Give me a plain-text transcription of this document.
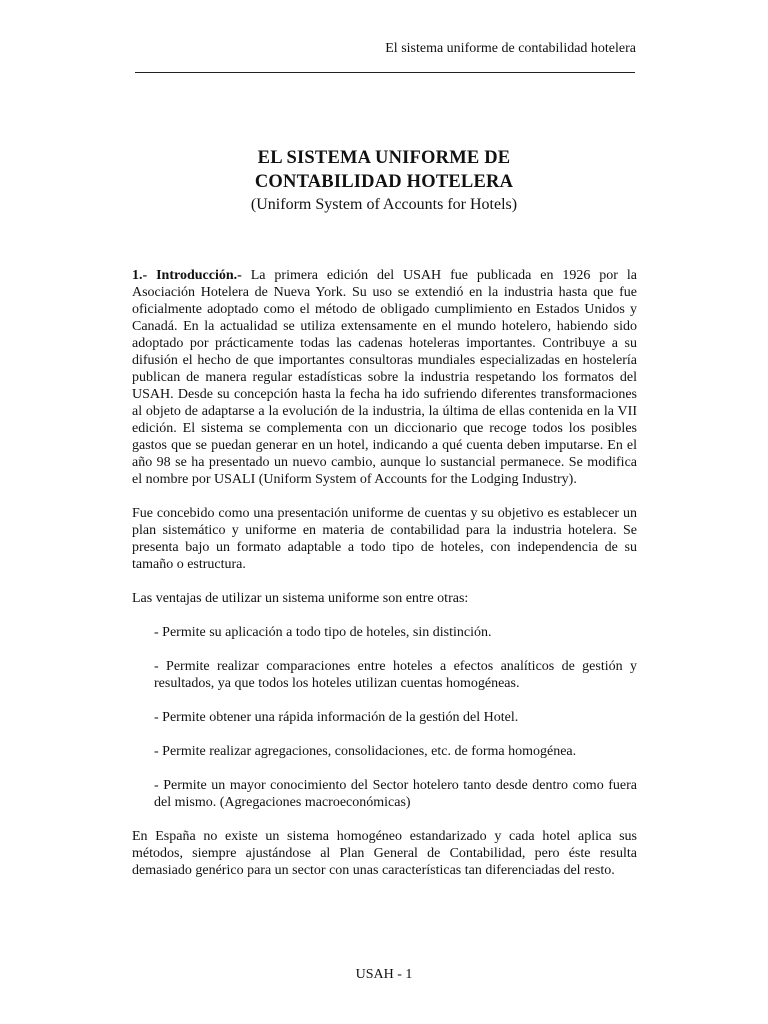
El sistema uniforme de contabilidad hotelera
EL SISTEMA UNIFORME DE
CONTABILIDAD HOTELERA
(Uniform System of Accounts for Hotels)

1.- Introducción.- La primera edición del USAH fue publicada en 1926 por la Asociación Hotelera de Nueva York. Su uso se extendió en la industria hasta que fue oficialmente adoptado como el método de obligado cumplimiento en Estados Unidos y Canadá. En la actualidad se utiliza extensamente en el mundo hotelero, habiendo sido adoptado por prácticamente todas las cadenas hoteleras importantes. Contribuye a su difusión el hecho de que importantes consultoras mundiales especializadas en hostelería publican de manera regular estadísticas sobre la industria respetando los formatos del USAH. Desde su concepción hasta la fecha ha ido sufriendo diferentes transformaciones al objeto de adaptarse a la evolución de la industria, la última de ellas contenida en la VII edición. El sistema se complementa con un diccionario que recoge todos los posibles gastos que se puedan generar en un hotel, indicando a qué cuenta deben imputarse. En el año 98 se ha presentado un nuevo cambio, aunque lo sustancial permanece. Se modifica el nombre por USALI (Uniform System of Accounts for the Lodging Industry).

Fue concebido como una presentación uniforme de cuentas y su objetivo es establecer un plan sistemático y uniforme en materia de contabilidad para la industria hotelera. Se presenta bajo un formato adaptable a todo tipo de hoteles, con independencia de su tamaño o estructura.

Las ventajas de utilizar un sistema uniforme son entre otras:

- Permite su aplicación a todo tipo de hoteles, sin distinción.

- Permite realizar comparaciones entre hoteles a efectos analíticos de gestión y resultados, ya que todos los hoteles utilizan cuentas homogéneas.

- Permite obtener una rápida información de la gestión del Hotel.

- Permite realizar agregaciones, consolidaciones, etc. de forma homogénea.

- Permite un mayor conocimiento del Sector hotelero tanto desde dentro como fuera del mismo. (Agregaciones macroeconómicas)

En España no existe un sistema homogéneo estandarizado y cada hotel aplica sus métodos, siempre ajustándose al Plan General de Contabilidad, pero éste resulta demasiado genérico para un sector con unas características tan diferenciadas del resto.

USAH - 1
